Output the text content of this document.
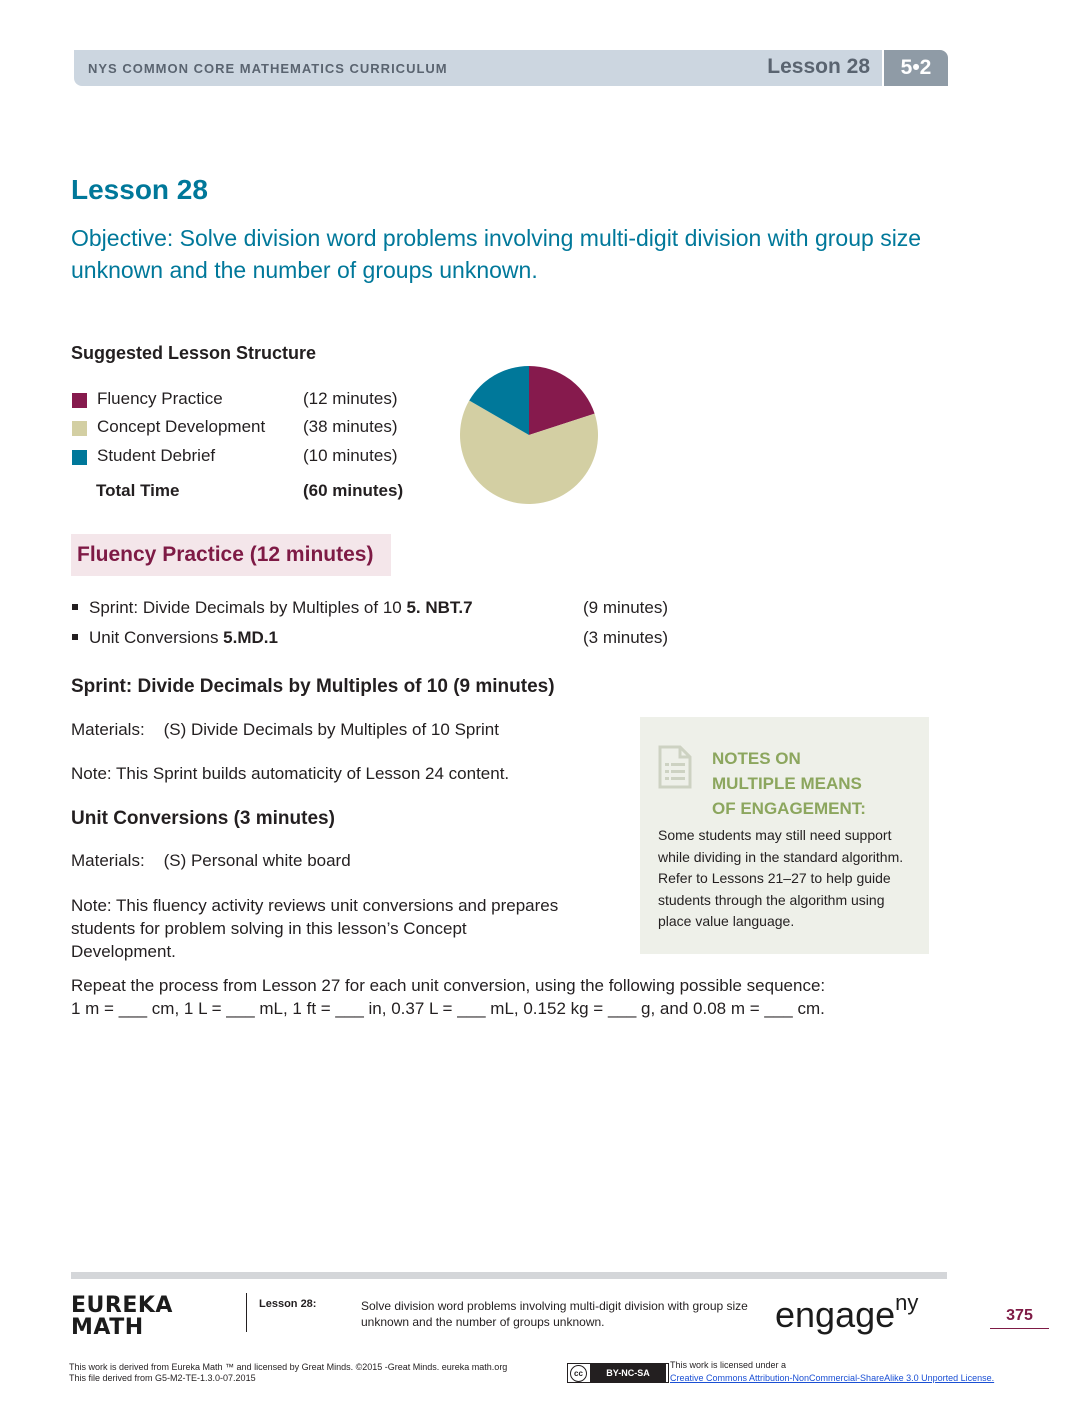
NYS COMMON CORE MATHEMATICS CURRICULUM	Lesson 28	5•2
Lesson 28
Objective: Solve division word problems involving multi-digit division with group size unknown and the number of groups unknown.
Suggested Lesson Structure
Fluency Practice	(12 minutes)
Concept Development (38 minutes)
Student Debrief	(10 minutes)
Total Time	(60 minutes)
Fluency Practice (12 minutes)
Sprint: Divide Decimals by Multiples of 10 5. NBT.7	(9 minutes)
Unit Conversions 5.MD.1	(3 minutes)
Sprint: Divide Decimals by Multiples of 10 (9 minutes)
Materials:    (S) Divide Decimals by Multiples of 10 Sprint
Note: This Sprint builds automaticity of Lesson 24 content.
Unit Conversions (3 minutes)
Materials:    (S) Personal white board
Note: This fluency activity reviews unit conversions and prepares students for problem solving in this lesson’s Concept Development.
Repeat the process from Lesson 27 for each unit conversion, using the following possible sequence:
1 m = ___ cm, 1 L = ___ mL, 1 ft = ___ in, 0.37 L = ___ mL, 0.152 kg = ___ g, and 0.08 m = ___ cm.
NOTES ON
MULTIPLE MEANS
OF ENGAGEMENT:
Some students may still need support while dividing in the standard algorithm. Refer to Lessons 21–27 to help guide students through the algorithm using place value language.
EUREKA
MATH
Lesson 28:	Solve division word problems involving multi-digit division with group size unknown and the number of groups unknown.	engage$^{ny}$
375
This work is derived from Eureka Math ™ and licensed by Great Minds. ©2015 -Great Minds. eureka math.org
This file derived from G5-M2-TE-1.3.0-07.2015	cc	BY-NC-SA
This work is licensed under a
Creative Commons Attribution-NonCommercial-ShareAlike 3.0 Unported License.
